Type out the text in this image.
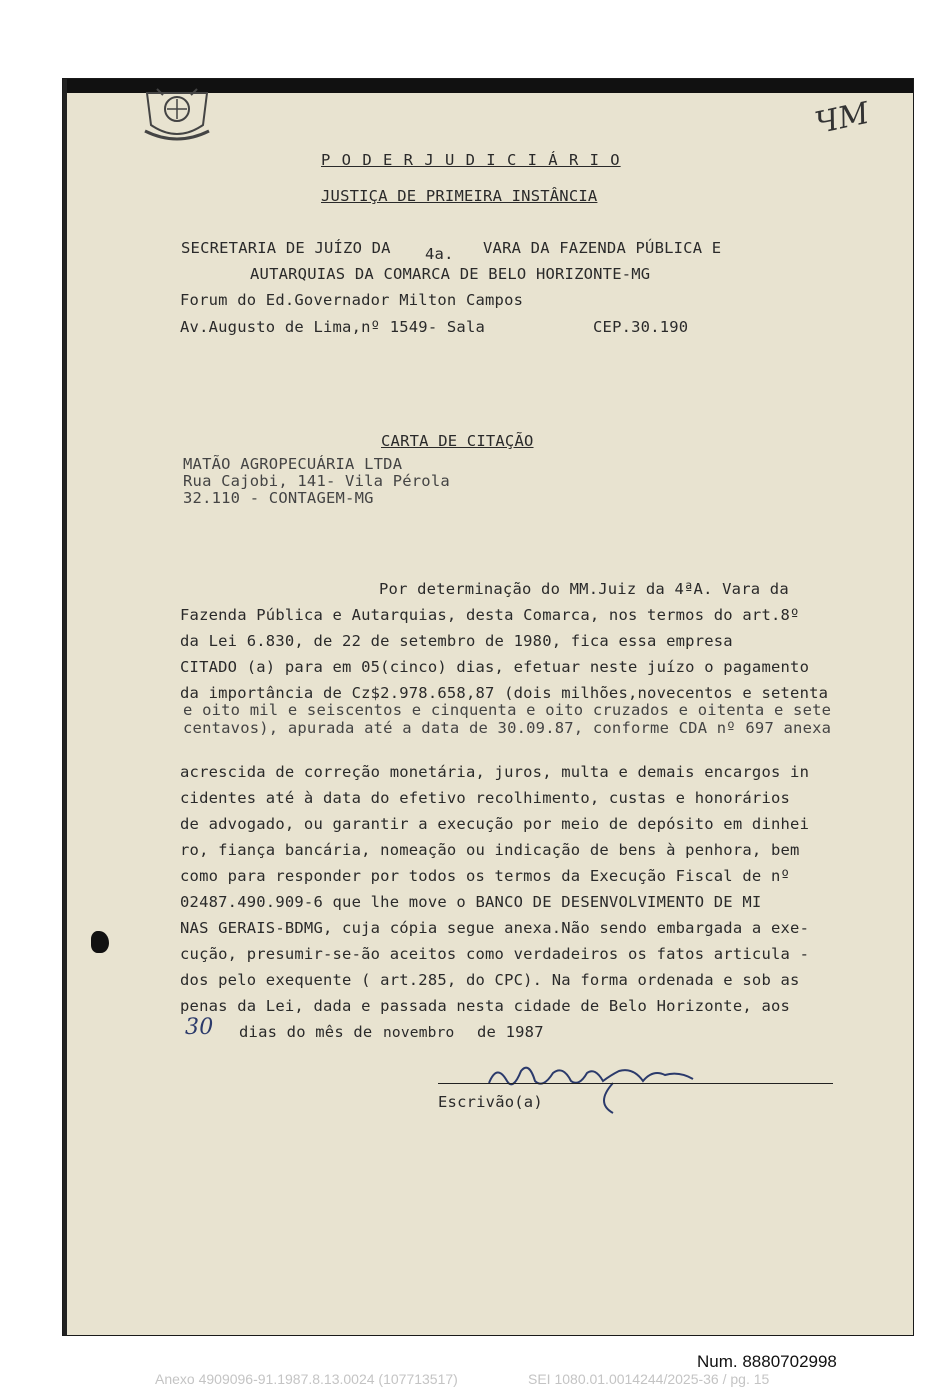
ЧМ
P O D E R J U D I C I Á R I O
JUSTIÇA DE PRIMEIRA INSTÂNCIA
SECRETARIA DE JUÍZO DA 4a. VARA DA FAZENDA PÚBLICA E
AUTARQUIAS DA COMARCA DE BELO HORIZONTE-MG
Forum do Ed.Governador Milton Campos
Av.Augusto de Lima,nº 1549- Sala	CEP.30.190
CARTA DE CITAÇÃO
MATÃO AGROPECUÁRIA LTDA
Rua Cajobi, 141- Vila Pérola
32.110 - CONTAGEM-MG
Por determinação do MM.Juiz da 4ªA. Vara da
Fazenda Pública e Autarquias, desta Comarca, nos termos do art.8º
da Lei 6.830, de 22 de setembro de 1980, fica essa empresa
CITADO (a) para em 05(cinco) dias, efetuar neste juízo o pagamento
da importância de Cz$2.978.658,87 (dois milhões,novecentos e setenta
e oito mil e seiscentos e cinquenta e oito cruzados e oitenta e sete
centavos), apurada até a data de 30.09.87, conforme CDA nº 697 anexa
acrescida de correção monetária, juros, multa e demais encargos in
cidentes até à data do efetivo recolhimento, custas e honorários
de advogado, ou garantir a execução por meio de depósito em dinhei
ro, fiança bancária, nomeação ou indicação de bens à penhora, bem
como para responder por todos os termos da Execução Fiscal de nº
02487.490.909-6 que lhe move o BANCO DE DESENVOLVIMENTO DE MI
NAS GERAIS-BDMG, cuja cópia segue anexa.Não sendo embargada a exe-
cução, presumir-se-ão aceitos como verdadeiros os fatos articula -
dos pelo exequente ( art.285, do CPC). Na forma ordenada e sob as
penas da Lei, dada e passada nesta cidade de Belo Horizonte, aos
30 dias do mês de novembro de 1987
Escrivão(a)
Num. 8880702998
Anexo 4909096-91.1987.8.13.0024 (107713517)	SEI 1080.01.0014244/2025-36 / pg. 15
